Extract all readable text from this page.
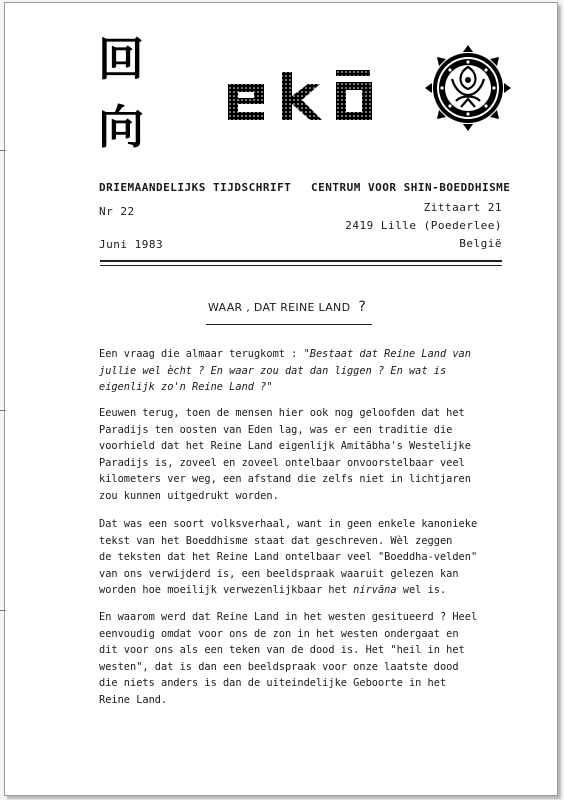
回
向
DRIEMAANDELIJKS TIJDSCHRIFT
Nr 22
Juni 1983
CENTRUM VOOR SHIN-BOEDDHISME
Zittaart 21
2419 Lille (Poederlee)
België
WAAR , DAT REINE LAND ?
Een vraag die almaar terugkomt : "Bestaat dat Reine Land van
jullie wel ècht ? En waar zou dat dan liggen ? En wat is
eigenlijk zo'n Reine Land ?"
Eeuwen terug, toen de mensen hier ook nog geloofden dat het
Paradijs ten oosten van Eden lag, was er een traditie die
voorhield dat het Reine Land eigenlijk Amitābha's Westelijke
Paradijs is, zoveel en zoveel ontelbaar onvoorstelbaar veel
kilometers ver weg, een afstand die zelfs niet in lichtjaren
zou kunnen uitgedrukt worden.
Dat was een soort volksverhaal, want in geen enkele kanonieke
tekst van het Boeddhisme staat dat geschreven. Wèl zeggen
de teksten dat het Reine Land ontelbaar veel "Boeddha-velden"
van ons verwijderd is, een beeldspraak waaruit gelezen kan
worden hoe moeilijk verwezenlijkbaar het nirvāna wel is.
En waarom werd dat Reine Land in het westen gesitueerd ? Heel
eenvoudig omdat voor ons de zon in het westen ondergaat en
dit voor ons als een teken van de dood is. Het "heil in het
westen", dat is dan een beeldspraak voor onze laatste dood
die niets anders is dan de uiteindelijke Geboorte in het
Reine Land.
